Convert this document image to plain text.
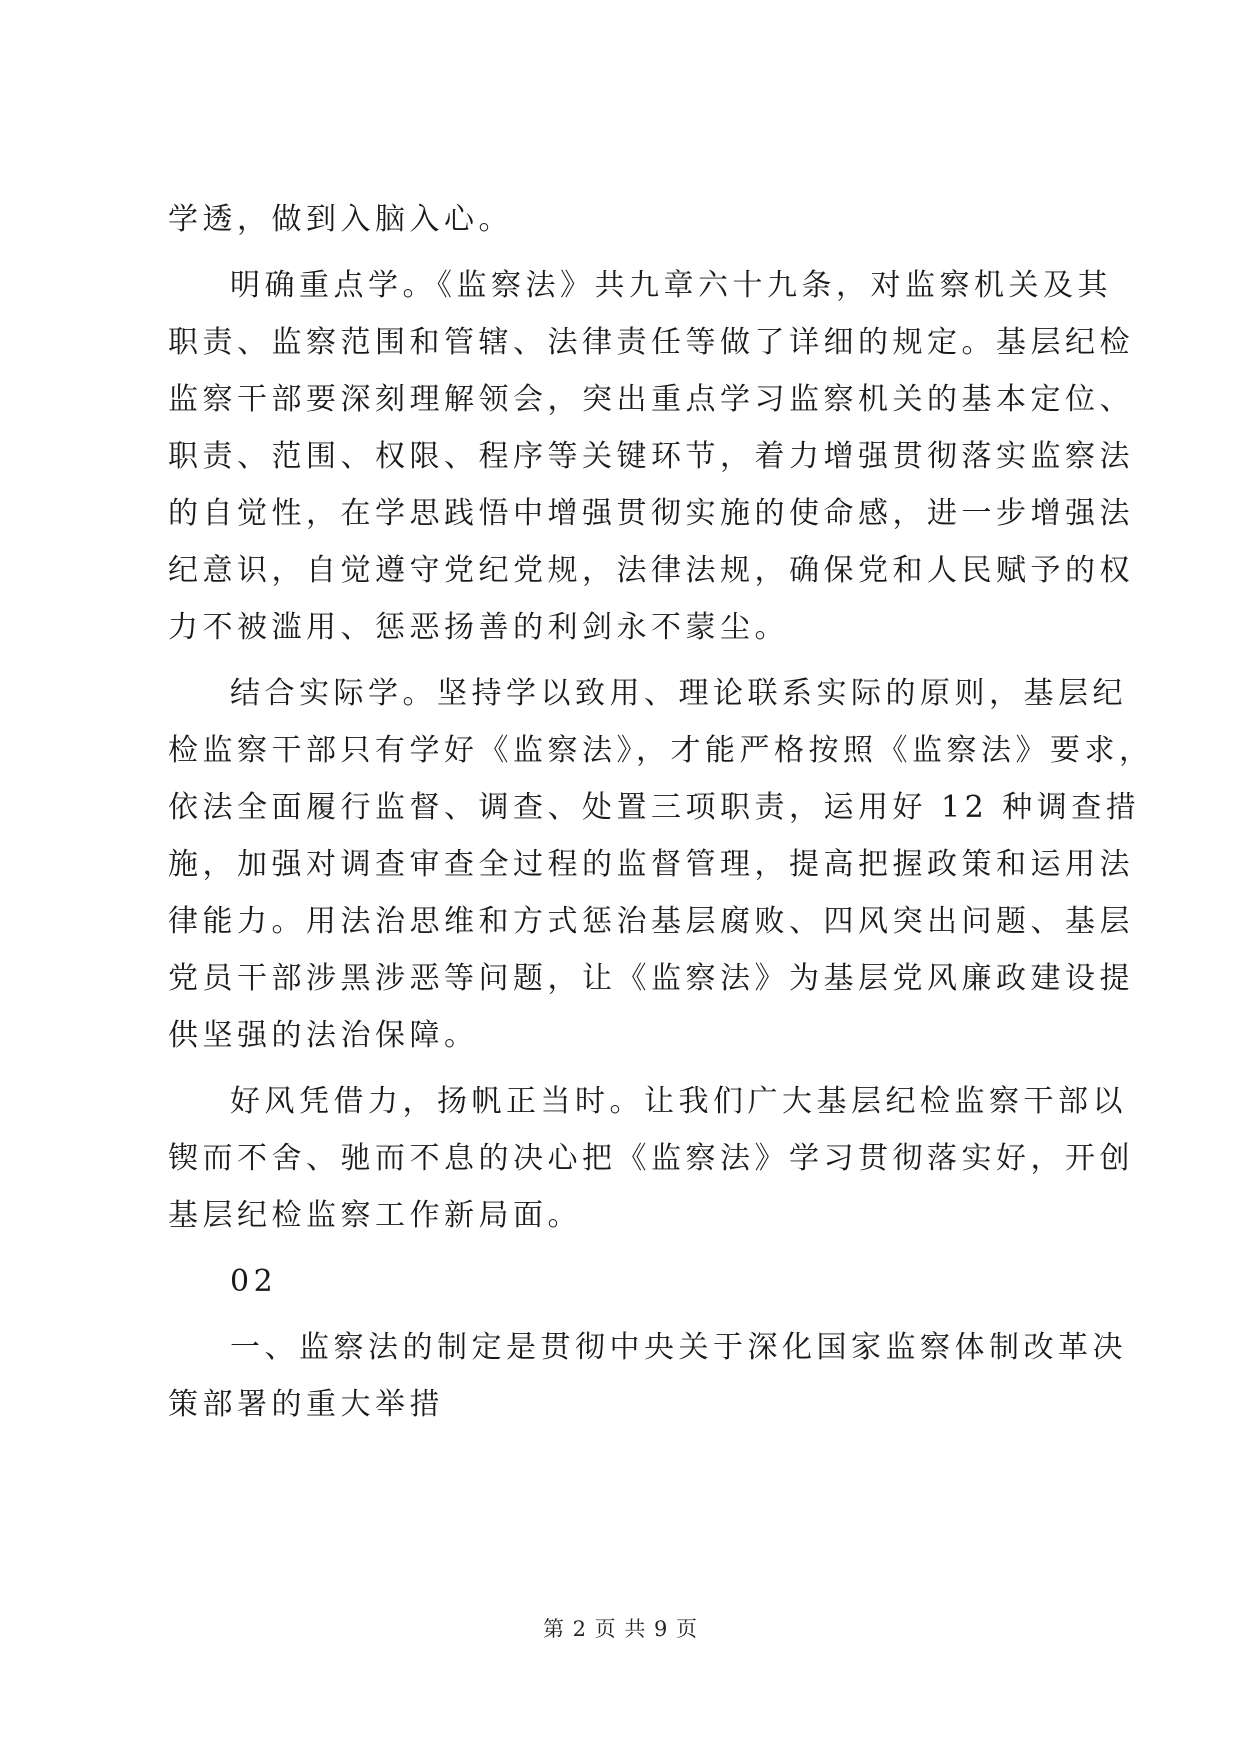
学透，做到入脑入心。
明确重点学。《监察法》共九章六十九条，对监察机关及其
职责、监察范围和管辖、法律责任等做了详细的规定。基层纪检
监察干部要深刻理解领会，突出重点学习监察机关的基本定位、
职责、范围、权限、程序等关键环节，着力增强贯彻落实监察法
的自觉性，在学思践悟中增强贯彻实施的使命感，进一步增强法
纪意识，自觉遵守党纪党规，法律法规，确保党和人民赋予的权
力不被滥用、惩恶扬善的利剑永不蒙尘。
结合实际学。坚持学以致用、理论联系实际的原则，基层纪
检监察干部只有学好《监察法》，才能严格按照《监察法》要求，
依法全面履行监督、调查、处置三项职责，运用好 12 种调查措
施，加强对调查审查全过程的监督管理，提高把握政策和运用法
律能力。用法治思维和方式惩治基层腐败、四风突出问题、基层
党员干部涉黑涉恶等问题，让《监察法》为基层党风廉政建设提
供坚强的法治保障。
好风凭借力，扬帆正当时。让我们广大基层纪检监察干部以
锲而不舍、驰而不息的决心把《监察法》学习贯彻落实好，开创
基层纪检监察工作新局面。
02
一、监察法的制定是贯彻中央关于深化国家监察体制改革决
策部署的重大举措
第 2 页 共 9 页
